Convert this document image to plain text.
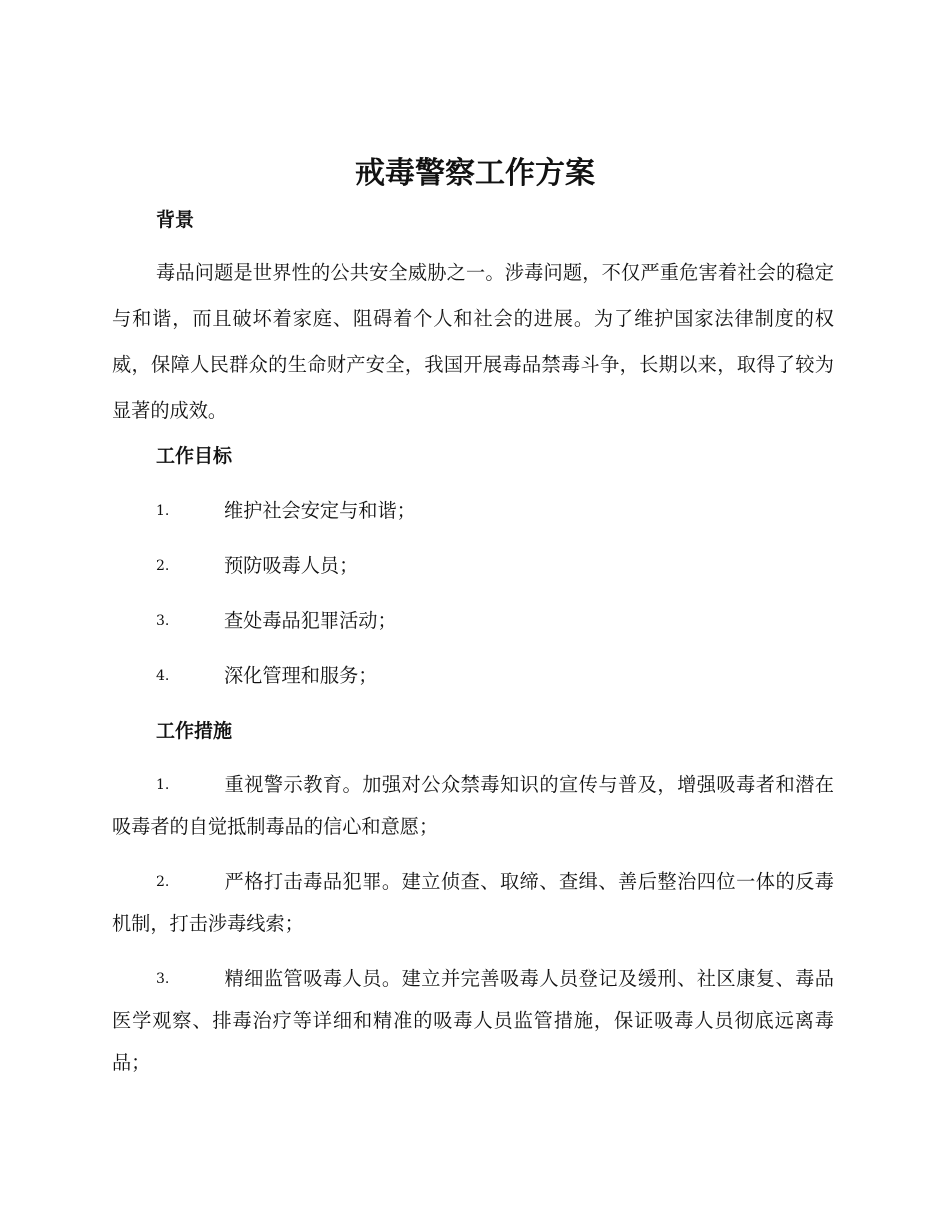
戒毒警察工作方案
背景
毒品问题是世界性的公共安全威胁之一。涉毒问题，不仅严重危害着社会的稳定与和谐，而且破坏着家庭、阻碍着个人和社会的进展。为了维护国家法律制度的权威，保障人民群众的生命财产安全，我国开展毒品禁毒斗争，长期以来，取得了较为显著的成效。
工作目标
1.	维护社会安定与和谐；
2.	预防吸毒人员；
3.	查处毒品犯罪活动；
4.	深化管理和服务；
工作措施
1.	重视警示教育。加强对公众禁毒知识的宣传与普及，增强吸毒者和潜在吸毒者的自觉抵制毒品的信心和意愿；
2.	严格打击毒品犯罪。建立侦查、取缔、查缉、善后整治四位一体的反毒机制，打击涉毒线索；
3.	精细监管吸毒人员。建立并完善吸毒人员登记及缓刑、社区康复、毒品医学观察、排毒治疗等详细和精准的吸毒人员监管措施，保证吸毒人员彻底远离毒品；
